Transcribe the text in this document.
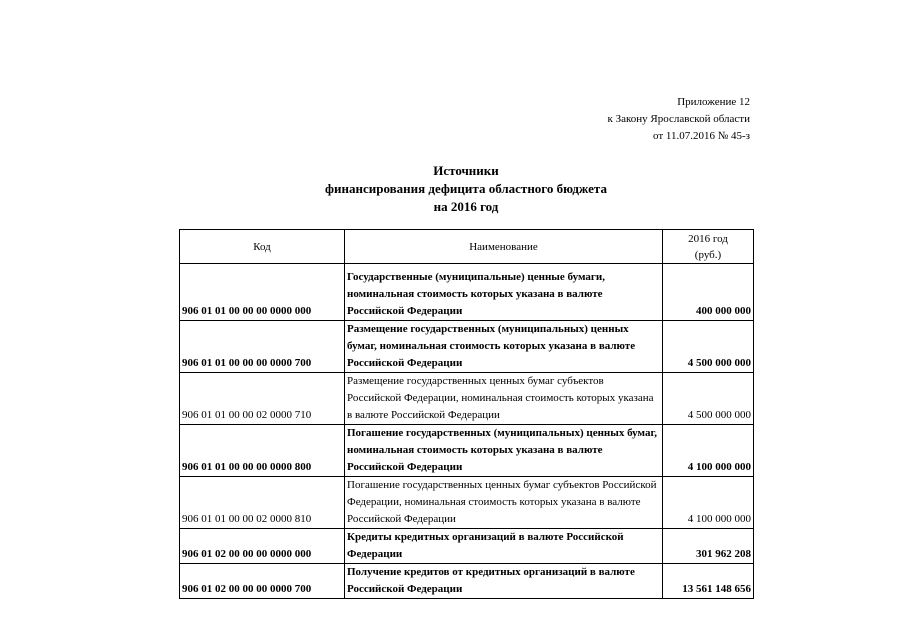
Приложение 12
к Закону Ярославской области
от 11.07.2016 № 45-з
Источники
финансирования дефицита областного бюджета
на 2016 год
Код	Наименование	2016 год
(руб.)

906 01 01 00 00 00 0000 000	Государственные (муниципальные) ценные бумаги, номинальная стоимость которых указана в валюте Российской Федерации	400 000 000
906 01 01 00 00 00 0000 700	Размещение государственных (муниципальных) ценных бумаг, номинальная стоимость которых указана в валюте Российской Федерации	4 500 000 000
906 01 01 00 00 02 0000 710	Размещение государственных ценных бумаг субъектов Российской Федерации, номинальная стоимость которых указана в валюте Российской Федерации	4 500 000 000
906 01 01 00 00 00 0000 800	Погашение государственных (муниципальных) ценных бумаг, номинальная стоимость которых указана в валюте Российской Федерации	4 100 000 000
906 01 01 00 00 02 0000 810	Погашение государственных ценных бумаг субъектов Российской Федерации, номинальная стоимость которых указана в валюте Российской Федерации	4 100 000 000
906 01 02 00 00 00 0000 000	Кредиты кредитных организаций в валюте Российской Федерации	301 962 208
906 01 02 00 00 00 0000 700	Получение кредитов от кредитных организаций в валюте Российской Федерации	13 561 148 656
